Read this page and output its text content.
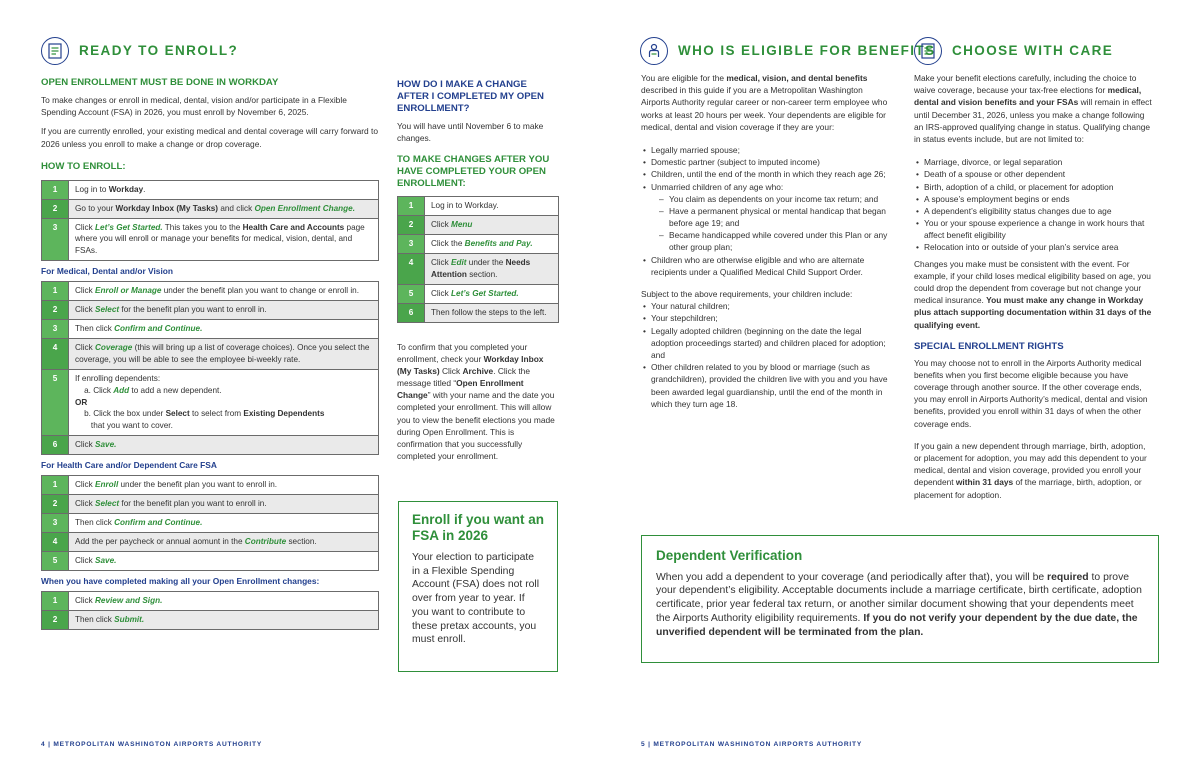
READY TO ENROLL?
OPEN ENROLLMENT MUST BE DONE IN WORKDAY

To make changes or enroll in medical, dental, vision and/or participate in a Flexible Spending Account (FSA) in 2026, you must enroll by November 6, 2025.

If you are currently enrolled, your existing medical and dental coverage will carry forward to 2026 unless you enroll to make a change or drop coverage.

HOW TO ENROLL:
1	Log in to Workday.
2	Go to your Workday Inbox (My Tasks) and click Open Enrollment Change.
3	Click Let’s Get Started. This takes you to the Health Care and Accounts page where you will enroll or manage your benefits for medical, vision, dental, and FSAs.
For Medical, Dental and/or Vision
1	Click Enroll or Manage under the benefit plan you want to change or enroll in.
2	Click Select for the benefit plan you want to enroll in.
3	Then click Confirm and Continue.
4	Click Coverage (this will bring up a list of coverage choices). Once you select the coverage, you will be able to see the employee bi-weekly rate.
5	If enrolling dependents:
a. Click Add to add a new dependent.
OR
b. Click the box under Select to select from Existing Dependents
that you want to cover.
6	Click Save.
For Health Care and/or Dependent Care FSA
1	Click Enroll under the benefit plan you want to enroll in.
2	Click Select for the benefit plan you want to enroll in.
3	Then click Confirm and Continue.
4	Add the per paycheck or annual aomunt in the Contribute section.
5	Click Save.
When you have completed making all your Open Enrollment changes:
1	Click Review and Sign.
2	Then click Submit.
HOW DO I MAKE A CHANGE AFTER I COMPLETED MY OPEN ENROLLMENT?

You will have until November 6 to make changes.

TO MAKE CHANGES AFTER YOU HAVE COMPLETED YOUR OPEN ENROLLMENT:
1	Log in to Workday.
2	Click Menu
3	Click the Benefits and Pay.
4	Click Edit under the Needs Attention section.
5	Click Let’s Get Started.
6	Then follow the steps to the left.

To confirm that you completed your enrollment, check your Workday Inbox (My Tasks) Click Archive. Click the message titled “Open Enrollment Change” with your name and the date you completed your enrollment. This will allow you to view the benefit elections you made during Open Enrollment. This is confirmation that you successfully completed your enrollment.

Enroll if you want an FSA in 2026
Your election to participate in a Flexible Spending Account (FSA) does not roll over from year to year. If you want to contribute to these pretax accounts, you must enroll.
4 | METROPOLITAN WASHINGTON AIRPORTS AUTHORITY
WHO IS ELIGIBLE FOR BENEFITS

You are eligible for the medical, vision, and dental benefits described in this guide if you are a Metropolitan Washington Airports Authority regular career or non-career term employee who works at least 20 hours per week. Your dependents are eligible for medical, dental and vision coverage if they are your:

• Legally married spouse;
• Domestic partner (subject to imputed income)
• Children, until the end of the month in which they reach age 26;
• Unmarried children of any age who:
– You claim as dependents on your income tax return; and
– Have a permanent physical or mental handicap that began before age 19; and
– Became handicapped while covered under this Plan or any other group plan;
• Children who are otherwise eligible and who are alternate recipients under a Qualified Medical Child Support Order.

Subject to the above requirements, your children include:

• Your natural children;
• Your stepchildren;
• Legally adopted children (beginning on the date the legal adoption proceedings started) and children placed for adoption; and
• Other children related to you by blood or marriage (such as grandchildren), provided the children live with you and you have been awarded legal guardianship, until the end of the month in which they turn age 18.
CHOOSE WITH CARE

Make your benefit elections carefully, including the choice to waive coverage, because your tax-free elections for medical, dental and vision benefits and your FSAs will remain in effect until December 31, 2026, unless you make a change following an IRS-approved qualifying change in status. Qualifying change in status events include, but are not limited to:

• Marriage, divorce, or legal separation
• Death of a spouse or other dependent
• Birth, adoption of a child, or placement for adoption
• A spouse’s employment begins or ends
• A dependent’s eligibility status changes due to age
• You or your spouse experience a change in work hours that affect benefit eligibility
• Relocation into or outside of your plan’s service area

Changes you make must be consistent with the event. For example, if your child loses medical eligibility based on age, you could drop the dependent from coverage but not change your medical insurance. You must make any change in Workday plus attach supporting documentation within 31 days of the qualifying event.

SPECIAL ENROLLMENT RIGHTS

You may choose not to enroll in the Airports Authority medical benefits when you first become eligible because you have coverage through another source. If the other coverage ends, you may enroll in Airports Authority’s medical, dental and vision benefits, provided you enroll within 31 days of when the other coverage ends.

If you gain a new dependent through marriage, birth, adoption, or placement for adoption, you may add this dependent to your medical, dental and vision coverage, provided you enroll your dependent within 31 days of the marriage, birth, adoption, or placement for adoption.

Dependent Verification

When you add a dependent to your coverage (and periodically after that), you will be required to prove your dependent’s eligibility. Acceptable documents include a marriage certificate, birth certificate, adoption certificate, prior year federal tax return, or another similar document showing that your dependents meet the Airports Authority eligibility requirements. If you do not verify your dependent by the due date, the unverified dependent will be terminated from the plan.

5 | METROPOLITAN WASHINGTON AIRPORTS AUTHORITY
